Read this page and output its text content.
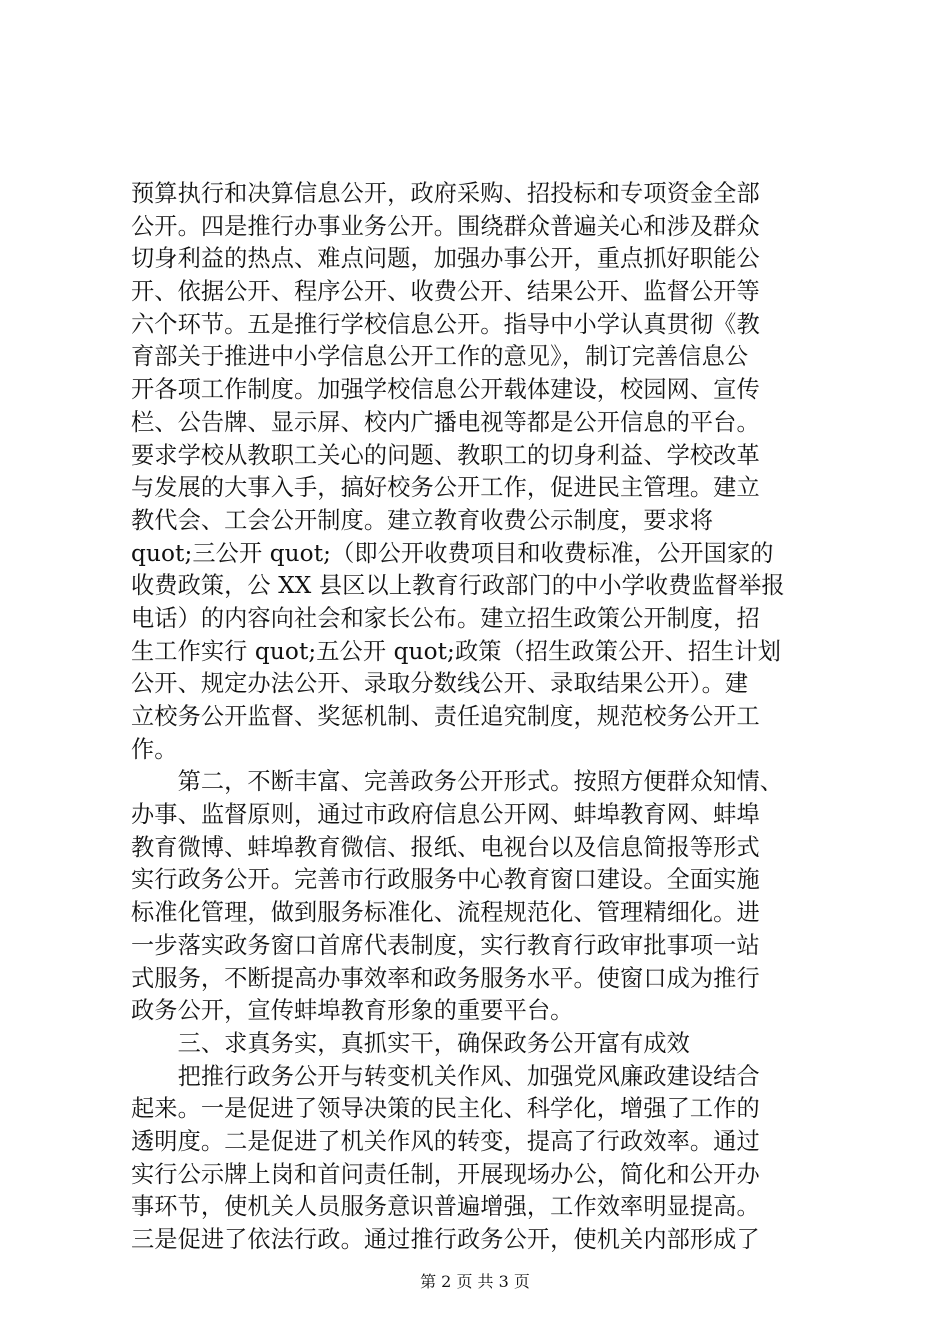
预算执行和决算信息公开，政府采购、招投标和专项资金全部
公开。四是推行办事业务公开。围绕群众普遍关心和涉及群众
切身利益的热点、难点问题，加强办事公开，重点抓好职能公
开、依据公开、程序公开、收费公开、结果公开、监督公开等
六个环节。五是推行学校信息公开。指导中小学认真贯彻《教
育部关于推进中小学信息公开工作的意见》，制订完善信息公
开各项工作制度。加强学校信息公开载体建设，校园网、宣传
栏、公告牌、显示屏、校内广播电视等都是公开信息的平台。
要求学校从教职工关心的问题、教职工的切身利益、学校改革
与发展的大事入手，搞好校务公开工作，促进民主管理。建立
教代会、工会公开制度。建立教育收费公示制度，要求将
quot;三公开 quot;（即公开收费项目和收费标准，公开国家的
收费政策，公 XX 县区以上教育行政部门的中小学收费监督举报
电话）的内容向社会和家长公布。建立招生政策公开制度，招
生工作实行 quot;五公开 quot;政策（招生政策公开、招生计划
公开、规定办法公开、录取分数线公开、录取结果公开）。建
立校务公开监督、奖惩机制、责任追究制度，规范校务公开工
作。
　　第二，不断丰富、完善政务公开形式。按照方便群众知情、
办事、监督原则，通过市政府信息公开网、蚌埠教育网、蚌埠
教育微博、蚌埠教育微信、报纸、电视台以及信息简报等形式
实行政务公开。完善市行政服务中心教育窗口建设。全面实施
标准化管理，做到服务标准化、流程规范化、管理精细化。进
一步落实政务窗口首席代表制度，实行教育行政审批事项一站
式服务，不断提高办事效率和政务服务水平。使窗口成为推行
政务公开，宣传蚌埠教育形象的重要平台。
　　三、求真务实，真抓实干，确保政务公开富有成效
　　把推行政务公开与转变机关作风、加强党风廉政建设结合
起来。一是促进了领导决策的民主化、科学化，增强了工作的
透明度。二是促进了机关作风的转变，提高了行政效率。通过
实行公示牌上岗和首问责任制，开展现场办公，简化和公开办
事环节，使机关人员服务意识普遍增强，工作效率明显提高。
三是促进了依法行政。通过推行政务公开，使机关内部形成了
第 2 页 共 3 页
